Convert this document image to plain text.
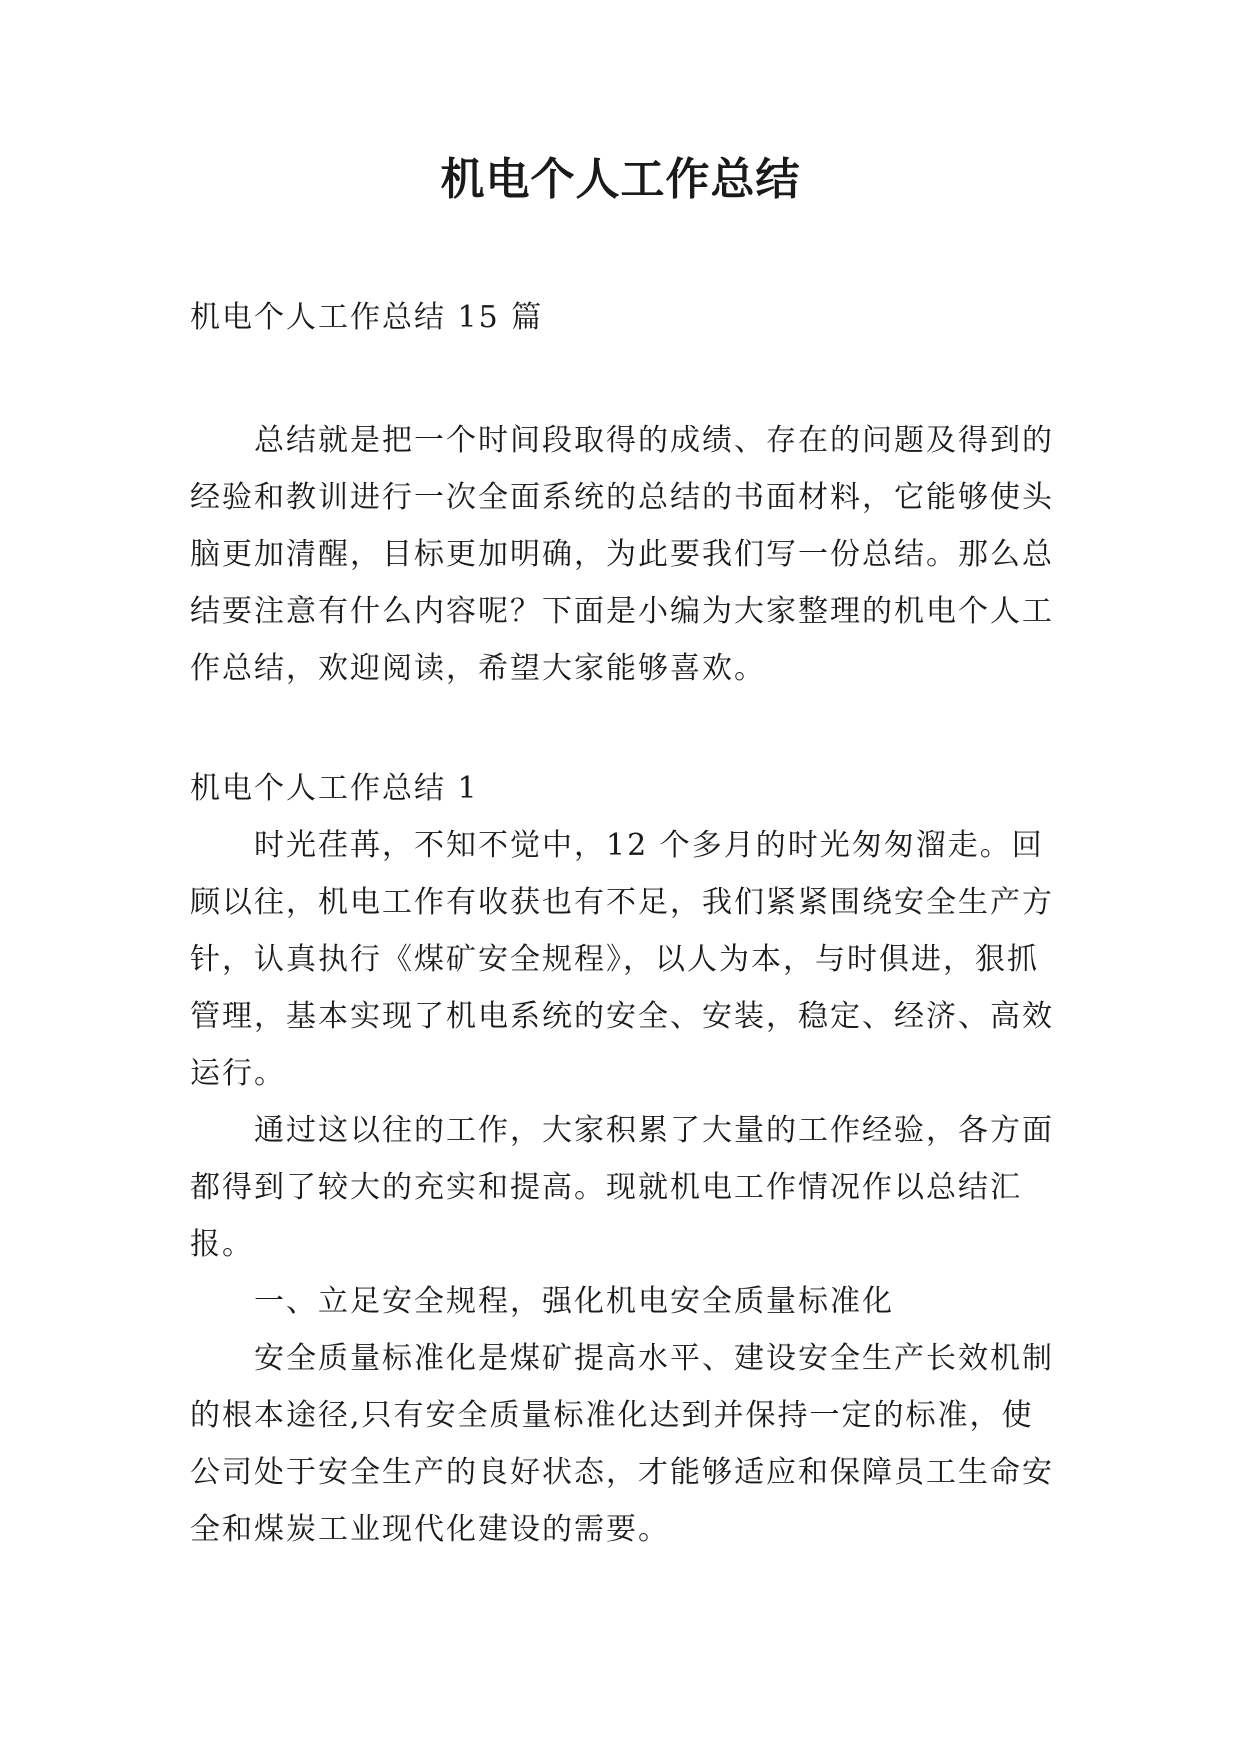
机电个人工作总结

机电个人工作总结 15 篇

总结就是把一个时间段取得的成绩、存在的问题及得到的经验和教训进行一次全面系统的总结的书面材料，它能够使头脑更加清醒，目标更加明确，为此要我们写一份总结。那么总结要注意有什么内容呢？下面是小编为大家整理的机电个人工作总结，欢迎阅读，希望大家能够喜欢。

机电个人工作总结 1

时光荏苒，不知不觉中，12 个多月的时光匆匆溜走。回顾以往，机电工作有收获也有不足，我们紧紧围绕安全生产方针，认真执行《煤矿安全规程》，以人为本，与时俱进，狠抓管理，基本实现了机电系统的安全、安装，稳定、经济、高效运行。

通过这以往的工作，大家积累了大量的工作经验，各方面都得到了较大的充实和提高。现就机电工作情况作以总结汇报。

一、立足安全规程，强化机电安全质量标准化

安全质量标准化是煤矿提高水平、建设安全生产长效机制的根本途径,只有安全质量标准化达到并保持一定的标准，使公司处于安全生产的良好状态，才能够适应和保障员工生命安全和煤炭工业现代化建设的需要。
